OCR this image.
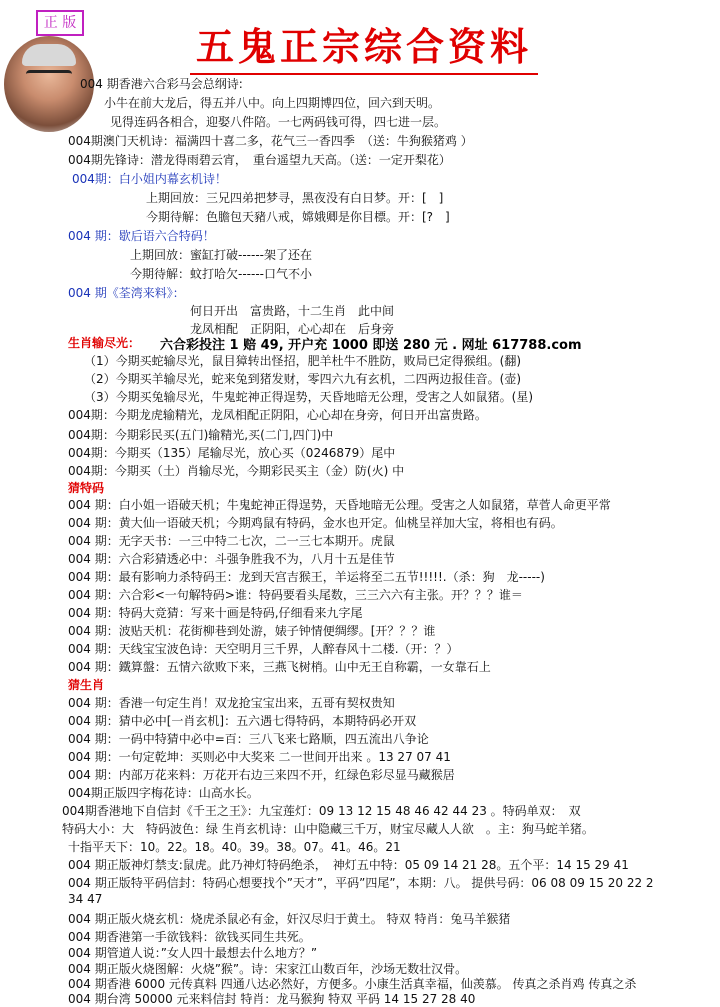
正 版
五鬼正宗综合资料
004 期香港六合彩马会总纲诗:
小牛在前大龙后，得五并八中。向上四期博四位，回六到天明。
见得连码各相合，迎娶八件陪。一七两码钱可得，四七进一层。
004期澳门天机诗：福满四十喜二多，花气三一香四季　（送：牛狗猴猪鸡 ）
004期先锋诗：潜龙得雨碧云宵，　重台遥望九天高。（送：一定开梨花）
004期：白小姐内幕玄机诗！
上期回放：三兄四弟把梦寻，黑夜没有白日梦。开：[　]
今期待解：色膽包天豬八戒，嫦娥卿是你目標。开：[?　]
004 期：歇后语六合特码！
上期回放：蜜缸打破------架了还在
今期待解：蚊打哈欠------口气不小
004 期《荃湾来料》：
何日开出　富贵路，十二生肖　此中间
龙凤相配　正阴阳，心心却在　后身旁
生肖输尽光： 六合彩投注 1 赔 49, 开户充 1000 即送 280 元 . 网址 617788.com
（1）今期买蛇输尽光，鼠目獐转出怪招，肥羊杜牛不胜防，败局已定得猴组。(翻)
（2）今期买羊输尽光，蛇来兔到猪发财，零四六九有玄机，二四两边报佳音。(壶)
（3）今期买兔输尽光，牛鬼蛇神正得逞势，天昏地暗无公理，受害之人如鼠猪。(星)
004期：今期龙虎输精光，龙凤相配正阴阳，心心却在身旁，何日开出富贵路。
004期：今期彩民买(五门)输精光,买(二门,四门)中
004期：今期买（135）尾输尽光，放心买（0246879）尾中
004期：今期买（土）肖输尽光，今期彩民买主（金）防(火) 中
猜特码
004 期：白小姐一语破天机；牛鬼蛇神正得逞势，天昏地暗无公理。受害之人如鼠猪，草菅人命更平常
004 期：黄大仙一语破天机；今期鸡鼠有特码，金水也开定。仙桃呈祥加大宝，将相也有码。
004 期：无字天书：一三中特二七次，二一三七本期开。虎鼠
004 期：六合彩猜透必中：斗强争胜我不为，八月十五是佳节
004 期：最有影响力杀特码王：龙到天宫吉猴王，羊运将至二五节!!!!!.（杀：狗　龙-----)
004 期：六合彩<一句解特码>谁：特码要看头尾数，三三六六有主张。开？？？谁＝
004 期：特码大竞猜：写来十画是特码,仔细看来九字尾
004 期：波贴天机：花街柳巷到处游，婊子钟情便绸缪。[开？？？谁
004 期：天线宝宝波色诗：天空明月三千界，人醉春风十二楼.（开：？）
004 期：鐵算盤：五情六欲败下来，三燕飞树梢。山中无王自称霸，一女靠石上
猜生肖
004 期：香港一句定生肖！双龙抢宝宝出来，五哥有契权贵知
004 期：猜中必中[一肖玄机]：五六遇七得特码，本期特码必开双
004 期：一码中特猜中必中=百：三八飞来七路顺，四五流出八争论
004 期：一句定乾坤：买则必中大奖来 二一世间开出来 。13 27 07 41
004 期：内部万花来料：万花开右边三来四不开，红绿色彩尽显马藏猴居
004期正版四字梅花诗：山高水长。
004期香港地下自信封《千王之王》：九宝莲灯：09 13 12 15 48 46 42 44 23 。特码单双：　双
特码大小：大　特码波色：绿 生肖玄机诗：山中隐藏三千万，财宝尽藏人人欲　。主：狗马蛇羊猪。
十指平天下：10。22。18。40。39。38。07。41。46。21
004 期正版神灯禁支:鼠虎。此乃神灯特码绝杀，　神灯五中特：05 09 14 21 28。五个平：14 15 29 41
004 期正版特平码信封：特码心想要找个”天才”，平码”四尾”，本期：八。 提供号码：06 08 09 15 20 22 2
34 47
004 期正版火烧玄机：烧虎杀鼠必有金，奸汉尽归于黄土。 特双 特肖：兔马羊猴猪
004 期香港第一手欲钱料：欲钱买同生共死。
004 期管道人说：”女人四十最想去什么地方？”
004 期正版火烧图解：火烧”猴”。诗：宋家江山数百年，沙场无数壮汉骨。
004 期香港 6000 元传真料 四通八达必然好，方便多。小康生活真幸福，仙羡慕。 传真之杀肖鸡 传真之杀
004 期台湾 50000 元来料信封 特肖：龙马猴狗 特双 平码 14 15 27 28 40
